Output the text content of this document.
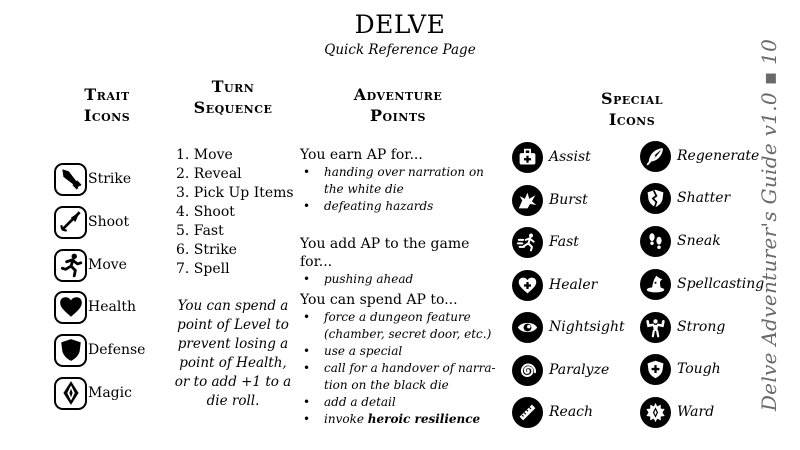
DELVE
Quick Reference Page
Trait
Icons
Strike
Shoot
Move
Health
Defense
Magic
Turn
Sequence
1. Move
2. Reveal
3. Pick Up Items
4. Shoot
5. Fast
6. Strike
7. Spell
You can spend a point of Level to prevent losing a point of Health, or to add +1 to a die roll.
Adventure
Points
You earn AP for...
• handing over narration on the white die
• defeating hazards
You add AP to the game for...
• pushing ahead
You can spend AP to...
• force a dungeon feature (chamber, secret door, etc.)
• use a special
• call for a handover of narra- tion on the black die
• add a detail
• invoke heroic resilience
Special
Icons
Assist
Burst
Fast
Healer
Nightsight
Paralyze
Reach
Regenerate
Shatter
Sneak
Spellcasting
Strong
Tough
Ward
Delve Adventurer's Guide v1.0 ▪ 10
